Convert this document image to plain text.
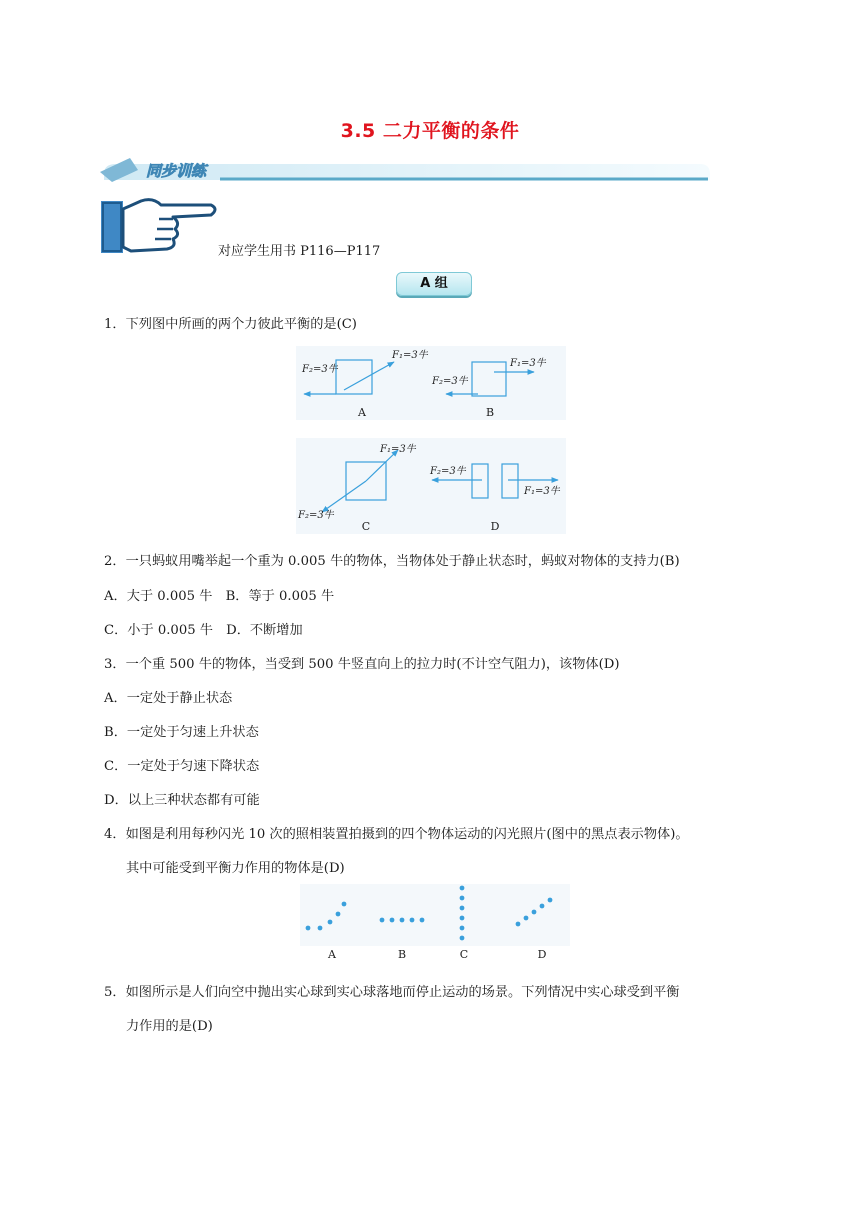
3.5 二力平衡的条件
同步训练
对应学生用书 P116—P117
A 组
1．下列图中所画的两个力彼此平衡的是(C)
F₂=3牛
F₁=3牛
F₁=3牛
F₂=3牛
F₁=3牛
F₂=3牛
F₂=3牛
F₁=3牛
A	B
C	D
2．一只蚂蚁用嘴举起一个重为 0.005 牛的物体，当物体处于静止状态时，蚂蚁对物体的支持力(B)
A．大于 0.005 牛　B．等于 0.005 牛
C．小于 0.005 牛　D．不断增加
3．一个重 500 牛的物体，当受到 500 牛竖直向上的拉力时(不计空气阻力)，该物体(D)
A．一定处于静止状态
B．一定处于匀速上升状态
C．一定处于匀速下降状态
D．以上三种状态都有可能
4．如图是利用每秒闪光 10 次的照相装置拍摄到的四个物体运动的闪光照片(图中的黑点表示物体)。
其中可能受到平衡力作用的物体是(D)
A	B	C	D
5．如图所示是人们向空中抛出实心球到实心球落地而停止运动的场景。下列情况中实心球受到平衡
力作用的是(D)
